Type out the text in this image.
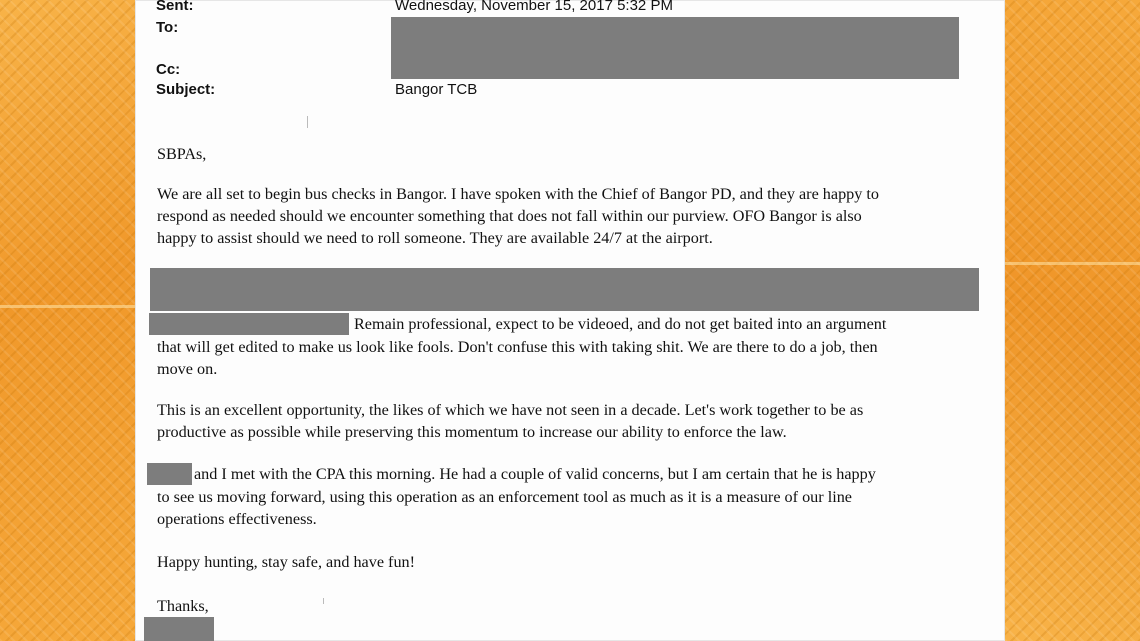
Sent:	Wednesday, November 15, 2017 5:32 PM
To:
Cc:
Subject:	Bangor TCB
SBPAs,
We are all set to begin bus checks in Bangor. I have spoken with the Chief of Bangor PD, and they are happy to
respond as needed should we encounter something that does not fall within our purview. OFO Bangor is also
happy to assist should we need to roll someone. They are available 24/7 at the airport.
Remain professional, expect to be videoed, and do not get baited into an argument
that will get edited to make us look like fools. Don't confuse this with taking shit. We are there to do a job, then
move on.
This is an excellent opportunity, the likes of which we have not seen in a decade. Let's work together to be as
productive as possible while preserving this momentum to increase our ability to enforce the law.
and I met with the CPA this morning. He had a couple of valid concerns, but I am certain that he is happy
to see us moving forward, using this operation as an enforcement tool as much as it is a measure of our line
operations effectiveness.
Happy hunting, stay safe, and have fun!
Thanks,
